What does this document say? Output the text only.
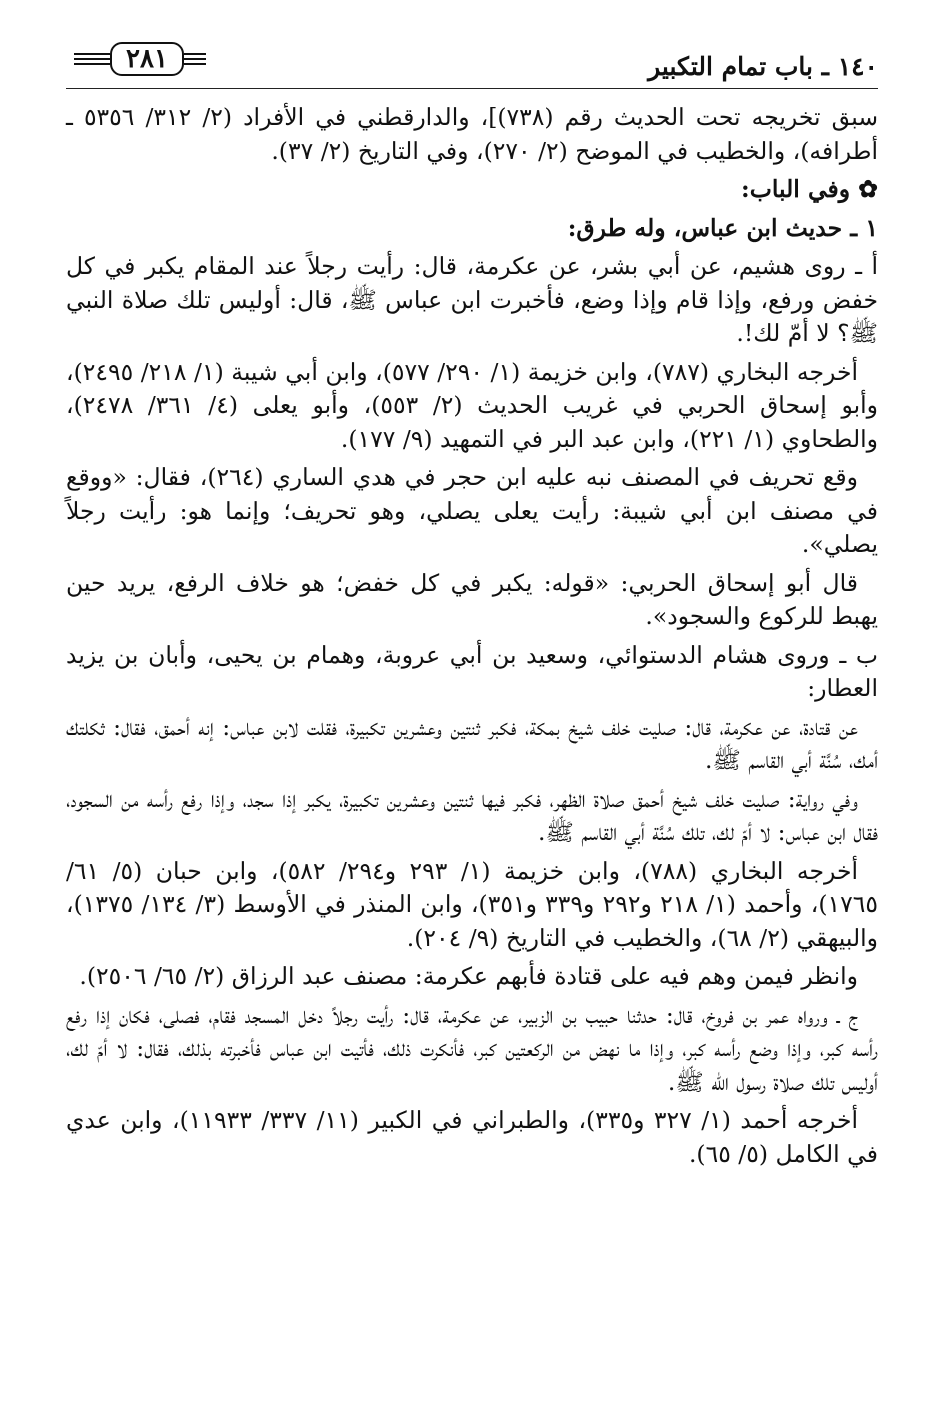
١٤٠ ـ باب تمام التكبير
٢٨١

سبق تخريجه تحت الحديث رقم (٧٣٨)]، والدارقطني في الأفراد (٢/ ٣١٢/ ٥٣٥٦ ـ أطرافه)، والخطيب في الموضح (٢/ ٢٧٠)، وفي التاريخ (٢/ ٣٧).

✿ وفي الباب:

١ ـ حديث ابن عباس، وله طرق:

أ ـ روى هشيم، عن أبي بشر، عن عكرمة، قال: رأيت رجلاً عند المقام يكبر في كل خفض ورفع، وإذا قام وإذا وضع، فأخبرت ابن عباس ﷺ، قال: أوليس تلك صلاة النبي ﷺ؟ لا أمّ لك!.

أخرجه البخاري (٧٨٧)، وابن خزيمة (١/ ٢٩٠/ ٥٧٧)، وابن أبي شيبة (١/ ٢١٨/ ٢٤٩٥)، وأبو إسحاق الحربي في غريب الحديث (٢/ ٥٥٣)، وأبو يعلى (٤/ ٣٦١/ ٢٤٧٨)، والطحاوي (١/ ٢٢١)، وابن عبد البر في التمهيد (٩/ ١٧٧).

وقع تحريف في المصنف نبه عليه ابن حجر في هدي الساري (٢٦٤)، فقال: «ووقع في مصنف ابن أبي شيبة: رأيت يعلى يصلي، وهو تحريف؛ وإنما هو: رأيت رجلاً يصلي».

قال أبو إسحاق الحربي: «قوله: يكبر في كل خفض؛ هو خلاف الرفع، يريد حين يهبط للركوع والسجود».

ب ـ وروى هشام الدستوائي، وسعيد بن أبي عروبة، وهمام بن يحيى، وأبان بن يزيد العطار:

عن قتادة، عن عكرمة، قال: صليت خلف شيخ بمكة، فكبر ثنتين وعشرين تكبيرة، فقلت لابن عباس: إنه أحمق، فقال: ثكلتك أمك، سُنَّة أبي القاسم ﷺ.

وفي رواية: صليت خلف شيخ أحمق صلاة الظهر، فكبر فيها ثنتين وعشرين تكبيرة، يكبر إذا سجد، وإذا رفع رأسه من السجود، فقال ابن عباس: لا أمّ لك، تلك سُنَّة أبي القاسم ﷺ.

أخرجه البخاري (٧٨٨)، وابن خزيمة (١/ ٢٩٣ و٢٩٤/ ٥٨٢)، وابن حبان (٥/ ٦١/ ١٧٦٥)، وأحمد (١/ ٢١٨ و٢٩٢ و٣٣٩ و٣٥١)، وابن المنذر في الأوسط (٣/ ١٣٤/ ١٣٧٥)، والبيهقي (٢/ ٦٨)، والخطيب في التاريخ (٩/ ٢٠٤).

وانظر فيمن وهم فيه على قتادة فأبهم عكرمة: مصنف عبد الرزاق (٢/ ٦٥/ ٢٥٠٦).

ج ـ ورواه عمر بن فروخ، قال: حدثنا حبيب بن الزبير، عن عكرمة، قال: رأيت رجلاً دخل المسجد فقام، فصلى، فكان إذا رفع رأسه كبر، وإذا وضع رأسه كبر، وإذا ما نهض من الركعتين كبر، فأنكرت ذلك، فأتيت ابن عباس فأخبرته بذلك، فقال: لا أمّ لك، أوليس تلك صلاة رسول الله ﷺ.

أخرجه أحمد (١/ ٣٢٧ و٣٣٥)، والطبراني في الكبير (١١/ ٣٣٧/ ١١٩٣٣)، وابن عدي في الكامل (٥/ ٦٥).
